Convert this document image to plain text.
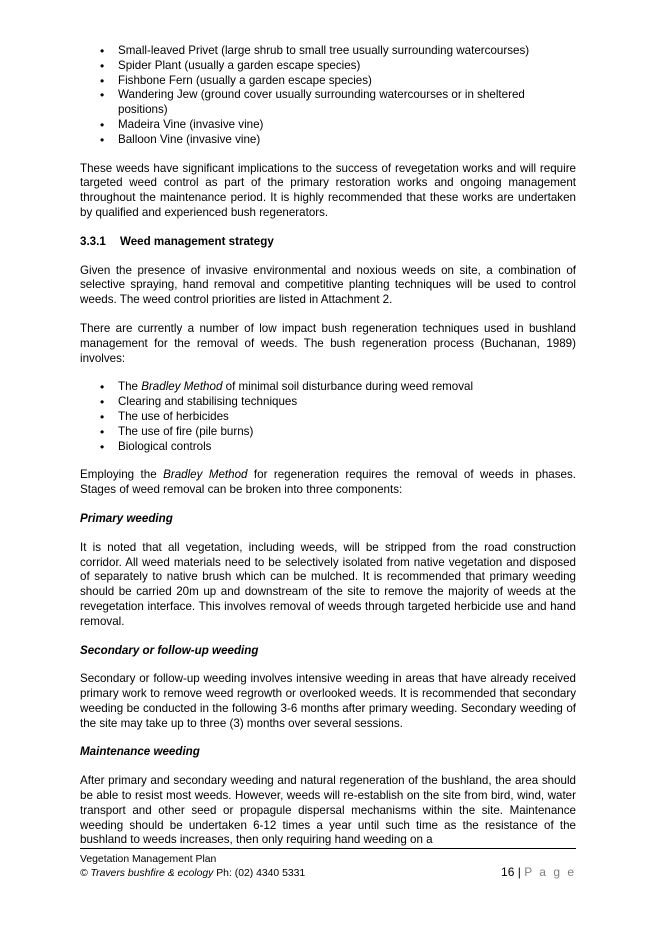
• Small-leaved Privet (large shrub to small tree usually surrounding watercourses)
• Spider Plant (usually a garden escape species)
• Fishbone Fern (usually a garden escape species)
• Wandering Jew (ground cover usually surrounding watercourses or in sheltered positions)
• Madeira Vine (invasive vine)
• Balloon Vine (invasive vine)

These weeds have significant implications to the success of revegetation works and will require targeted weed control as part of the primary restoration works and ongoing management throughout the maintenance period. It is highly recommended that these works are undertaken by qualified and experienced bush regenerators.

3.3.1 Weed management strategy

Given the presence of invasive environmental and noxious weeds on site, a combination of selective spraying, hand removal and competitive planting techniques will be used to control weeds. The weed control priorities are listed in Attachment 2.

There are currently a number of low impact bush regeneration techniques used in bushland management for the removal of weeds. The bush regeneration process (Buchanan, 1989) involves:

• The Bradley Method of minimal soil disturbance during weed removal
• Clearing and stabilising techniques
• The use of herbicides
• The use of fire (pile burns)
• Biological controls

Employing the Bradley Method for regeneration requires the removal of weeds in phases. Stages of weed removal can be broken into three components:

Primary weeding

It is noted that all vegetation, including weeds, will be stripped from the road construction corridor. All weed materials need to be selectively isolated from native vegetation and disposed of separately to native brush which can be mulched. It is recommended that primary weeding should be carried 20m up and downstream of the site to remove the majority of weeds at the revegetation interface. This involves removal of weeds through targeted herbicide use and hand removal.

Secondary or follow-up weeding

Secondary or follow-up weeding involves intensive weeding in areas that have already received primary work to remove weed regrowth or overlooked weeds. It is recommended that secondary weeding be conducted in the following 3-6 months after primary weeding. Secondary weeding of the site may take up to three (3) months over several sessions.

Maintenance weeding

After primary and secondary weeding and natural regeneration of the bushland, the area should be able to resist most weeds. However, weeds will re-establish on the site from bird, wind, water transport and other seed or propagule dispersal mechanisms within the site. Maintenance weeding should be undertaken 6-12 times a year until such time as the resistance of the bushland to weeds increases, then only requiring hand weeding on a

Vegetation Management Plan
© Travers bushfire & ecology Ph: (02) 4340 5331	16 | P a g e
